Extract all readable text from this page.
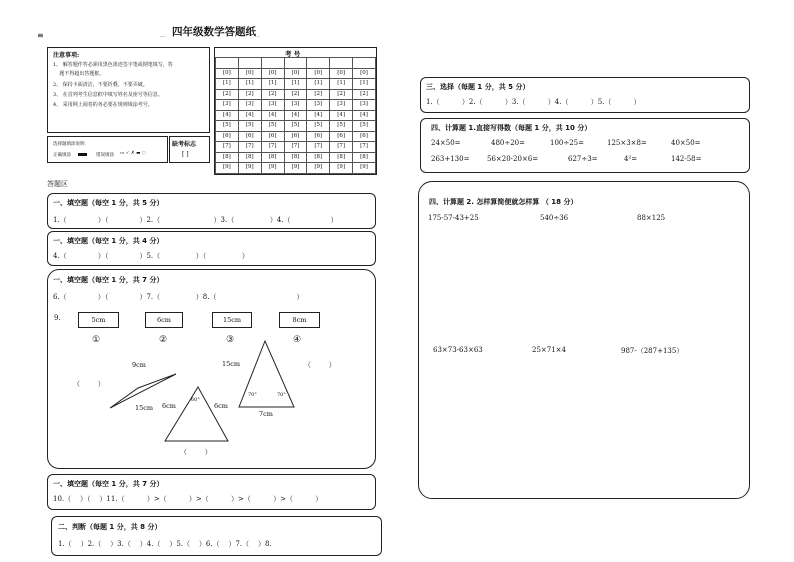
四年级数学答题纸
≡	....	..
注意事项:
1、 解答题作答必须用黑色墨迹签字笔或钢笔填写，答
题不得超出答题框。
2、 保持卡面清洁，不要折叠，不要弄破。
3、 在首列考生信息框中填写姓名及座号等信息。
4、 采用网上阅卷的务必要在规则填涂考号。
选择题填涂说明：
正确填涂	错误填涂 ▭ ✓ ✗ ▬ ◌
缺考标志
[ ]
考 号

[0]	[0]	[0]	[0]	[0]	[0]	[0]
[1]	[1]	[1]	[1]	[1]	[1]	[1]
[2]	[2]	[2]	[2]	[2]	[2]	[2]
[3]	[3]	[3]	[3]	[3]	[3]	[3]
[4]	[4]	[4]	[4]	[4]	[4]	[4]
[5]	[5]	[5]	[5]	[5]	[5]	[5]
[6]	[6]	[6]	[6]	[6]	[6]	[6]
[7]	[7]	[7]	[7]	[7]	[7]	[7]
[8]	[8]	[8]	[8]	[8]	[8]	[8]
[9]	[9]	[9]	[9]	[9]	[9]	[9]
答题区
一、填空题（每空 1 分，共 5 分）
1.（              ）（              ）2.（                        ）3.（                ）4.（                  ）
一、填空题（每空 1 分，共 4 分）
4.（              ）（              ）5.（                ）（                ）
一、填空题（每空 1 分，共 7 分）
6.（              ）（              ）7.（                ）8.（                                    ）
9.	5cm	6cm	15cm	8cm
①	②	③	④
9cm
15cm
（        ）
6cm	6cm
60°
（        ）
15cm
70°	70°
7cm
（        ）
一、填空题（每空 1 分，共 7 分）
10.（    ）（    ）11.（          ）>（          ）>（          ）>（          ）>（          ）
二、判断（每题 1 分，共 8 分）
1.（    ）2.（    ）3.（    ）4.（    ）5.（    ）6.（    ）7.（    ）8.
三、选择（每题 1 分，共 5 分）
1.（          ）2.（          ）3.（          ）4.（          ）5.（          ）
四、计算题 1.直接写得数（每题 1 分，共 10 分）
24×50=	480÷20=	100÷25=	125×3×8=	40×50=
263+130=	56×20-20×6=	627÷3=	4²=	142-58=
四、计算题 2. 怎样算简便就怎样算 （ 18 分）
175-57-43+25	540÷36	88×125
63×73-63×63	25×71×4	987-（287+135）
